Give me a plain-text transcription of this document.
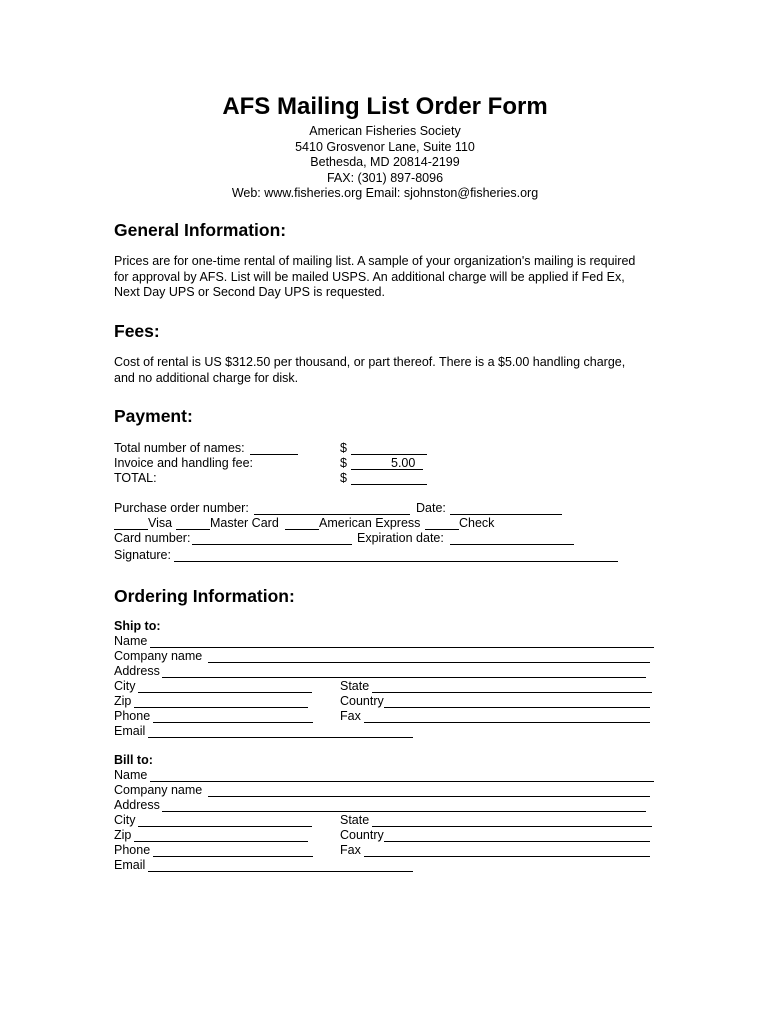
AFS Mailing List Order Form
American Fisheries Society
5410 Grosvenor Lane, Suite 110
Bethesda, MD 20814-2199
FAX: (301) 897-8096
Web: www.fisheries.org Email: sjohnston@fisheries.org
General Information:
Prices are for one-time rental of mailing list. A sample of your organization's mailing is required
for approval by AFS. List will be mailed USPS. An additional charge will be applied if Fed Ex,
Next Day UPS or Second Day UPS is requested.
Fees:
Cost of rental is US $312.50 per thousand, or part thereof. There is a $5.00 handling charge,
and no additional charge for disk.
Payment:
Total number of names:	$
Invoice and handling fee:	$	5.00
TOTAL:	$
Purchase order number:	Date:
Visa	Master Card	American Express	Check
Card number:	Expiration date:
Signature:
Ordering Information:
Ship to:
Name
Company name
Address
City	State
Zip	Country
Phone	Fax
Email
Bill to:
Name
Company name
Address
City	State
Zip	Country
Phone	Fax
Email
